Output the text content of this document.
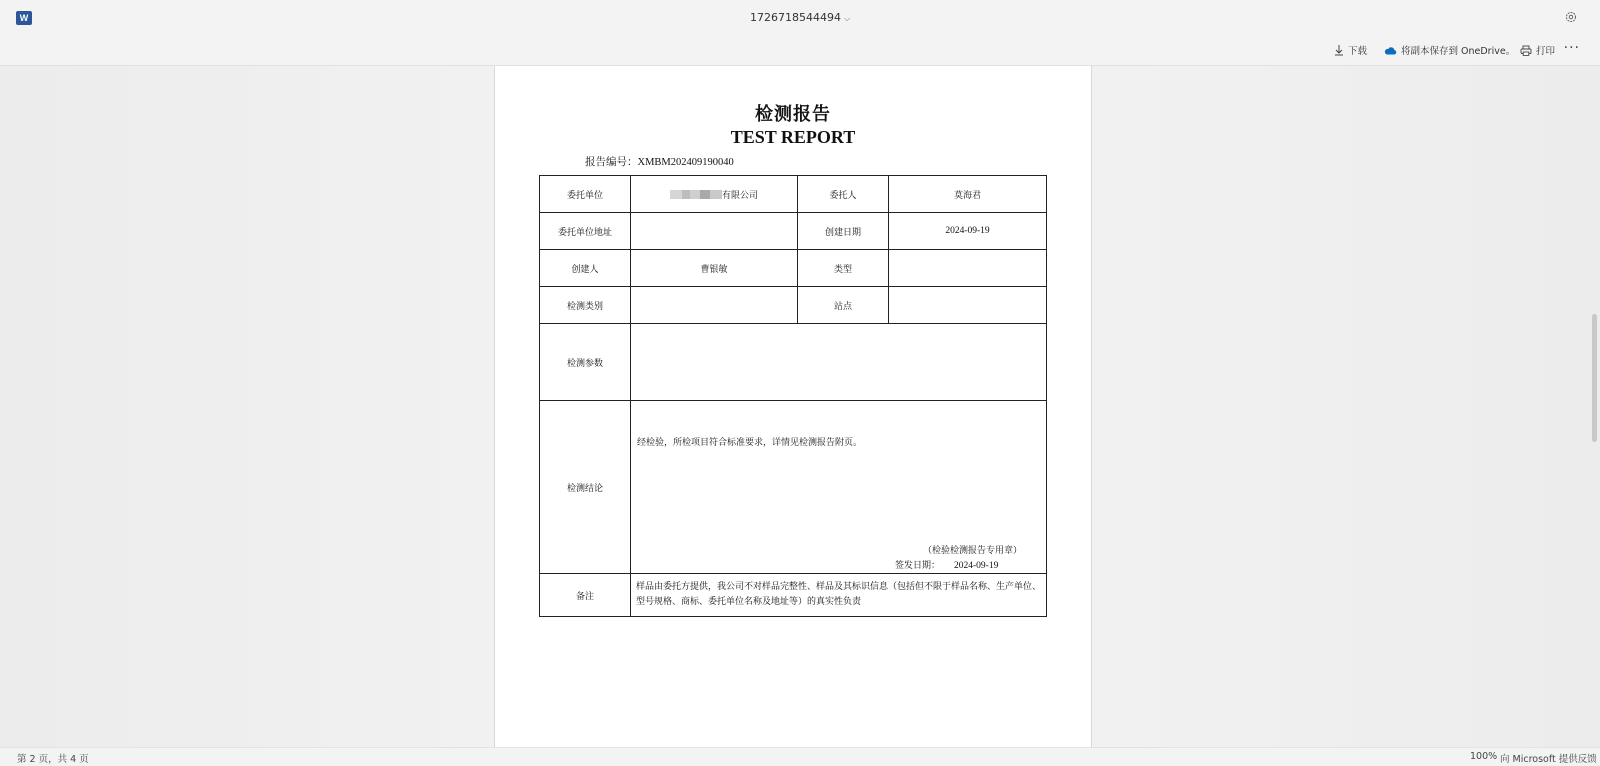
W	1726718544494 ⌵
下载	将副本保存到 OneDrive。 打印 ···
检测报告
TEST REPORT
报告编号：XMBM202409190040
委托单位	有限公司	委托人	莫海君
委托单位地址		创建日期	2024-09-19
创建人	曹银敏	类型	
检测类别		站点	
检测参数			
检测结论	经检验，所检项目符合标准要求，详情见检测报告附页。
（检验检测报告专用章）
签发日期： 2024-09-19		

备注	样品由委托方提供，我公司不对样品完整性、样品及其标识信息（包括但不限于样品名称、生产单位、型号规格、商标、委托单位名称及地址等）的真实性负责		
第 2 页，共 4 页	100% 向 Microsoft 提供反馈
